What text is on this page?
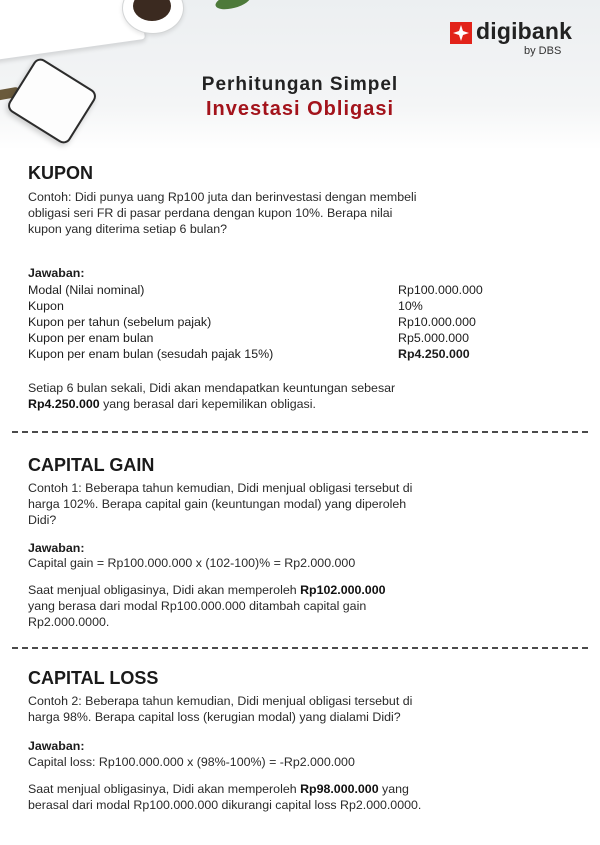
digibank
by DBS
Perhitungan Simpel
Investasi Obligasi
KUPON
Contoh: Didi punya uang Rp100 juta dan berinvestasi dengan membeli
obligasi seri FR di pasar perdana dengan kupon 10%. Berapa nilai
kupon yang diterima setiap 6 bulan?
Jawaban:
Modal (Nilai nominal)	Rp100.000.000
Kupon	10%
Kupon per tahun (sebelum pajak)	Rp10.000.000
Kupon per enam bulan	Rp5.000.000
Kupon per enam bulan (sesudah pajak 15%)	Rp4.250.000
Setiap 6 bulan sekali, Didi akan mendapatkan keuntungan sebesar
Rp4.250.000 yang berasal dari kepemilikan obligasi.
CAPITAL GAIN
Contoh 1: Beberapa tahun kemudian, Didi menjual obligasi tersebut di
harga 102%. Berapa capital gain (keuntungan modal) yang diperoleh
Didi?
Jawaban:
Capital gain = Rp100.000.000 x (102-100)% = Rp2.000.000
Saat menjual obligasinya, Didi akan memperoleh Rp102.000.000
yang berasa dari modal Rp100.000.000 ditambah capital gain
Rp2.000.0000.
CAPITAL LOSS
Contoh 2: Beberapa tahun kemudian, Didi menjual obligasi tersebut di
harga 98%. Berapa capital loss (kerugian modal) yang dialami Didi?
Jawaban:
Capital loss: Rp100.000.000 x (98%-100%) = -Rp2.000.000
Saat menjual obligasinya, Didi akan memperoleh Rp98.000.000 yang
berasal dari modal Rp100.000.000 dikurangi capital loss Rp2.000.0000.
